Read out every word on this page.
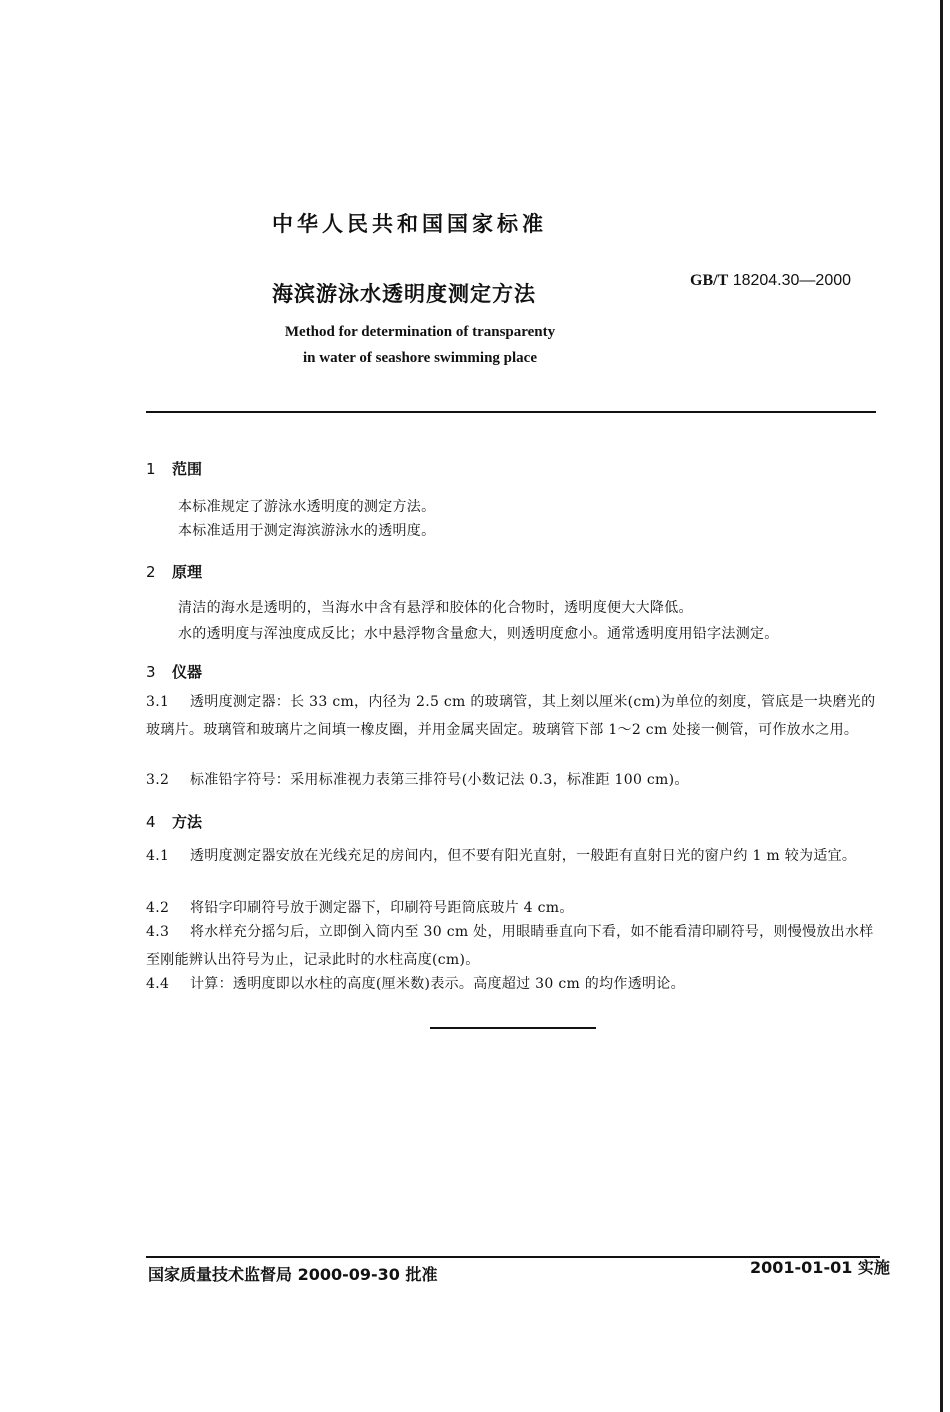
中华人民共和国国家标准
海滨游泳水透明度测定方法
GB/T 18204.30—2000
Method for determination of transparenty
in water of seashore swimming place
1 范围
本标准规定了游泳水透明度的测定方法。
本标准适用于测定海滨游泳水的透明度。
2 原理
清洁的海水是透明的，当海水中含有悬浮和胶体的化合物时，透明度便大大降低。
水的透明度与浑浊度成反比；水中悬浮物含量愈大，则透明度愈小。通常透明度用铅字法测定。
3 仪器
3.1 透明度测定器：长 33 cm，内径为 2.5 cm 的玻璃管，其上刻以厘米(cm)为单位的刻度，管底是一块磨光的玻璃片。玻璃管和玻璃片之间填一橡皮圈，并用金属夹固定。玻璃管下部 1～2 cm 处接一侧管，可作放水之用。
3.2 标准铅字符号：采用标准视力表第三排符号(小数记法 0.3，标准距 100 cm)。
4 方法
4.1 透明度测定器安放在光线充足的房间内，但不要有阳光直射，一般距有直射日光的窗户约 1 m 较为适宜。
4.2 将铅字印刷符号放于测定器下，印刷符号距筒底玻片 4 cm。
4.3 将水样充分摇匀后，立即倒入筒内至 30 cm 处，用眼睛垂直向下看，如不能看清印刷符号，则慢慢放出水样至刚能辨认出符号为止，记录此时的水柱高度(cm)。
4.4 计算：透明度即以水柱的高度(厘米数)表示。高度超过 30 cm 的均作透明论。
国家质量技术监督局 2000-09-30 批准	2001-01-01 实施
